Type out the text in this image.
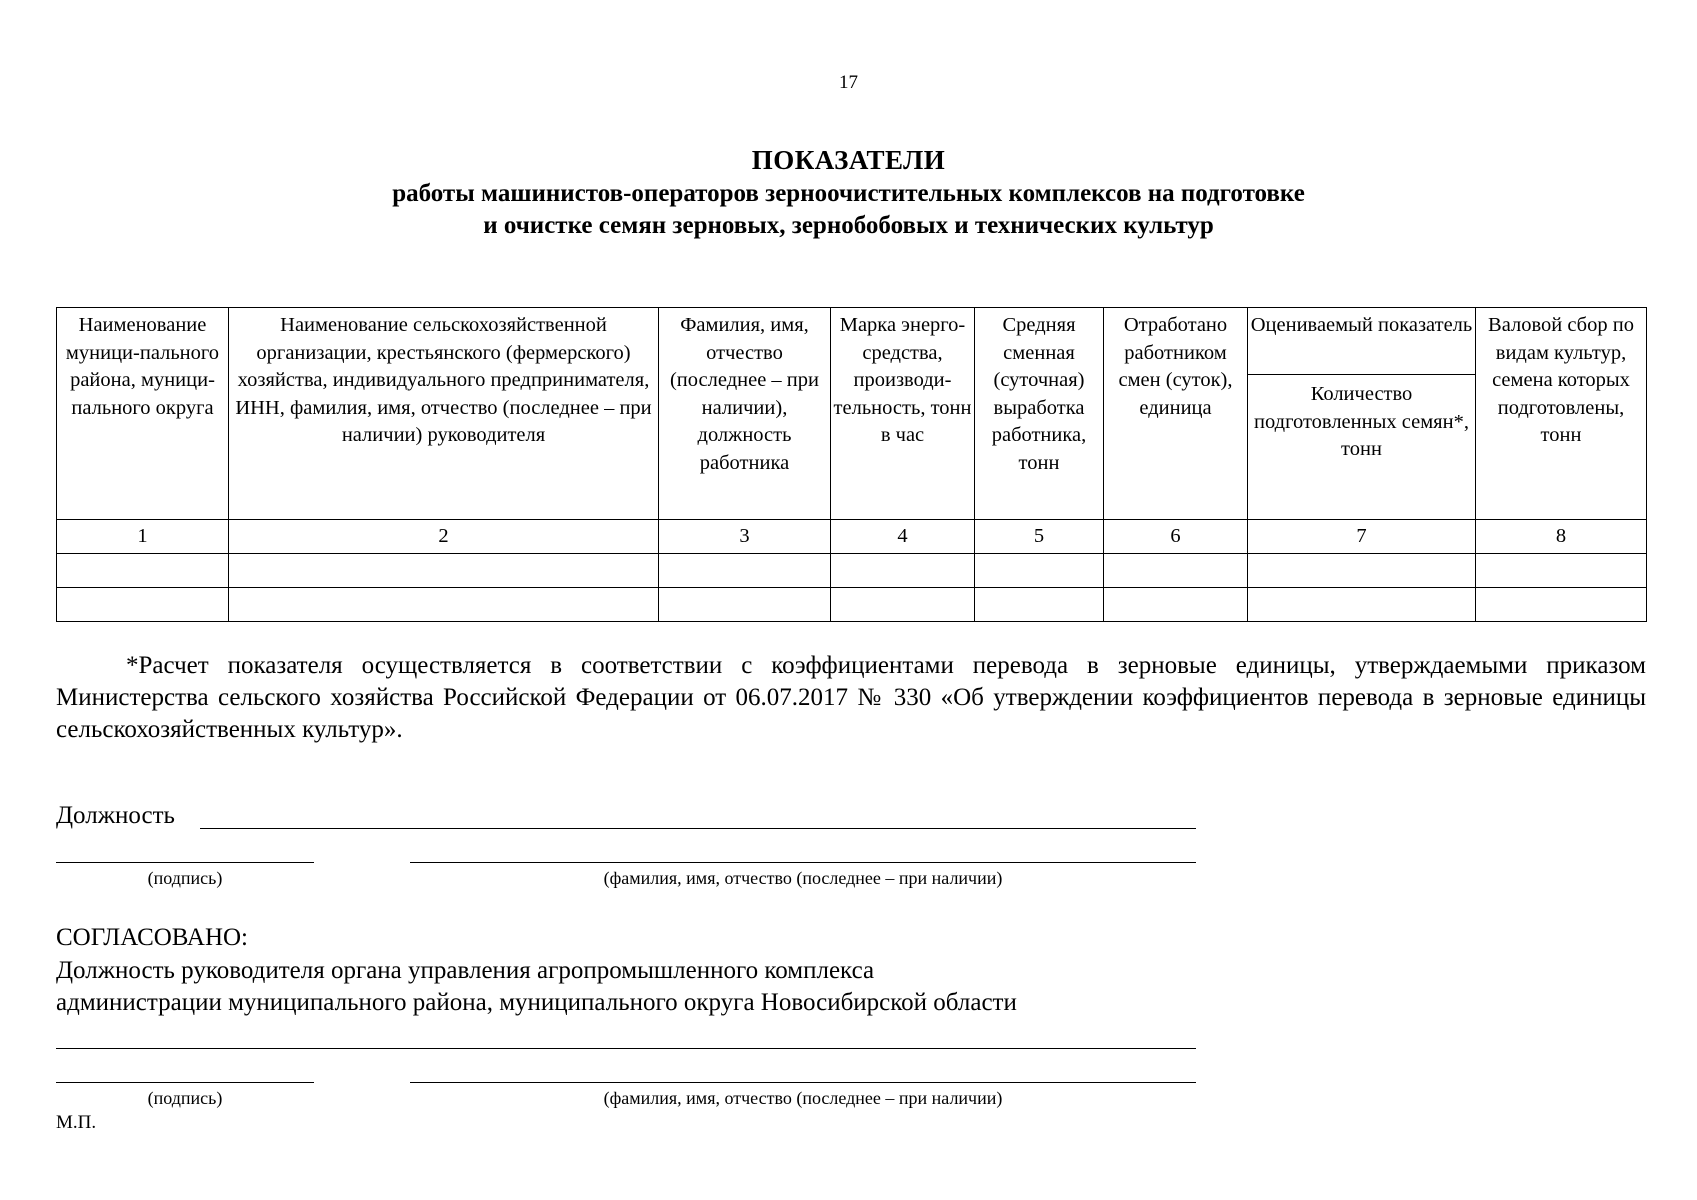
17
ПОКАЗАТЕЛИ
работы машинистов-операторов зерноочистительных комплексов на подготовке
и очистке семян зерновых, зернобобовых и технических культур
Наименование муници-пального района, муници-пального округа	Наименование сельскохозяйственной организации, крестьянского (фермерского) хозяйства, индивидуального предпринимателя, ИНН, фамилия, имя, отчество (последнее – при наличии) руководителя	Фамилия, имя, отчество (последнее – при наличии), должность работника	Марка энерго-средства, производи-тельность, тонн в час	Средняя сменная (суточная) выработка работника, тонн	Отработано работником смен (суток), единица	Оцениваемый показатель	Валовой сбор по видам культур, семена которых подготовлены, тонн
						Количество подготовленных семян*, тонн	
1	2	3	4	5	6	7	8

*Расчет показателя осуществляется в соответствии с коэффициентами перевода в зерновые единицы, утверждаемыми приказом Министерства сельского хозяйства Российской Федерации от 06.07.2017 № 330 «Об утверждении коэффициентов перевода в зерновые единицы сельскохозяйственных культур».
Должность
(подпись)	(фамилия, имя, отчество (последнее – при наличии)
СОГЛАСОВАНО:
Должность руководителя органа управления агропромышленного комплекса
администрации муниципального района, муниципального округа Новосибирской области
(подпись)	(фамилия, имя, отчество (последнее – при наличии)
М.П.
